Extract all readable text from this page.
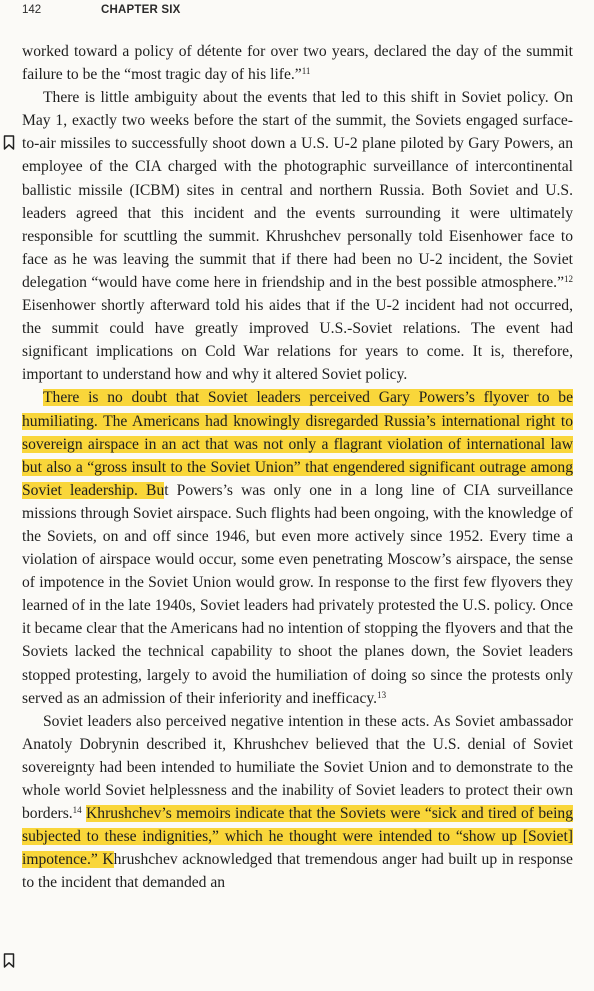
142	CHAPTER SIX

worked toward a policy of détente for over two years, declared the day of the summit failure to be the “most tragic day of his life.”$^{11}$

There is little ambiguity about the events that led to this shift in Soviet policy. On May 1, exactly two weeks before the start of the summit, the Soviets engaged surface-to-air missiles to successfully shoot down a U.S. U-2 plane piloted by Gary Powers, an employee of the CIA charged with the photographic surveillance of intercontinental ballistic missile (ICBM) sites in central and northern Russia. Both Soviet and U.S. leaders agreed that this incident and the events surrounding it were ultimately responsible for scuttling the summit. Khrushchev personally told Eisenhower face to face as he was leaving the summit that if there had been no U-2 incident, the Soviet delegation “would have come here in friendship and in the best possible atmosphere.”$^{12}$ Eisenhower shortly afterward told his aides that if the U-2 incident had not occurred, the summit could have greatly improved U.S.-Soviet relations. The event had significant implications on Cold War relations for years to come. It is, therefore, important to understand how and why it altered Soviet policy.

There is no doubt that Soviet leaders perceived Gary Powers’s flyover to be humiliating. The Americans had knowingly disregarded Russia’s international right to sovereign airspace in an act that was not only a flagrant violation of international law but also a “gross insult to the Soviet Union” that engendered significant outrage among Soviet leadership. But Powers’s was only one in a long line of CIA surveillance missions through Soviet airspace. Such flights had been ongoing, with the knowledge of the Soviets, on and off since 1946, but even more actively since 1952. Every time a violation of airspace would occur, some even penetrating Moscow’s airspace, the sense of impotence in the Soviet Union would grow. In response to the first few flyovers they learned of in the late 1940s, Soviet leaders had privately protested the U.S. policy. Once it became clear that the Americans had no intention of stopping the flyovers and that the Soviets lacked the technical capability to shoot the planes down, the Soviet leaders stopped protesting, largely to avoid the humiliation of doing so since the protests only served as an admission of their inferiority and inefficacy.$^{13}$

Soviet leaders also perceived negative intention in these acts. As Soviet ambassador Anatoly Dobrynin described it, Khrushchev believed that the U.S. denial of Soviet sovereignty had been intended to humiliate the Soviet Union and to demonstrate to the whole world Soviet helplessness and the inability of Soviet leaders to protect their own borders.$^{14}$ Khrushchev’s memoirs indicate that the Soviets were “sick and tired of being subjected to these indignities,” which he thought were intended to “show up [Soviet] impotence.” Khrushchev acknowledged that tremendous anger had built up in response to the incident that demanded an
